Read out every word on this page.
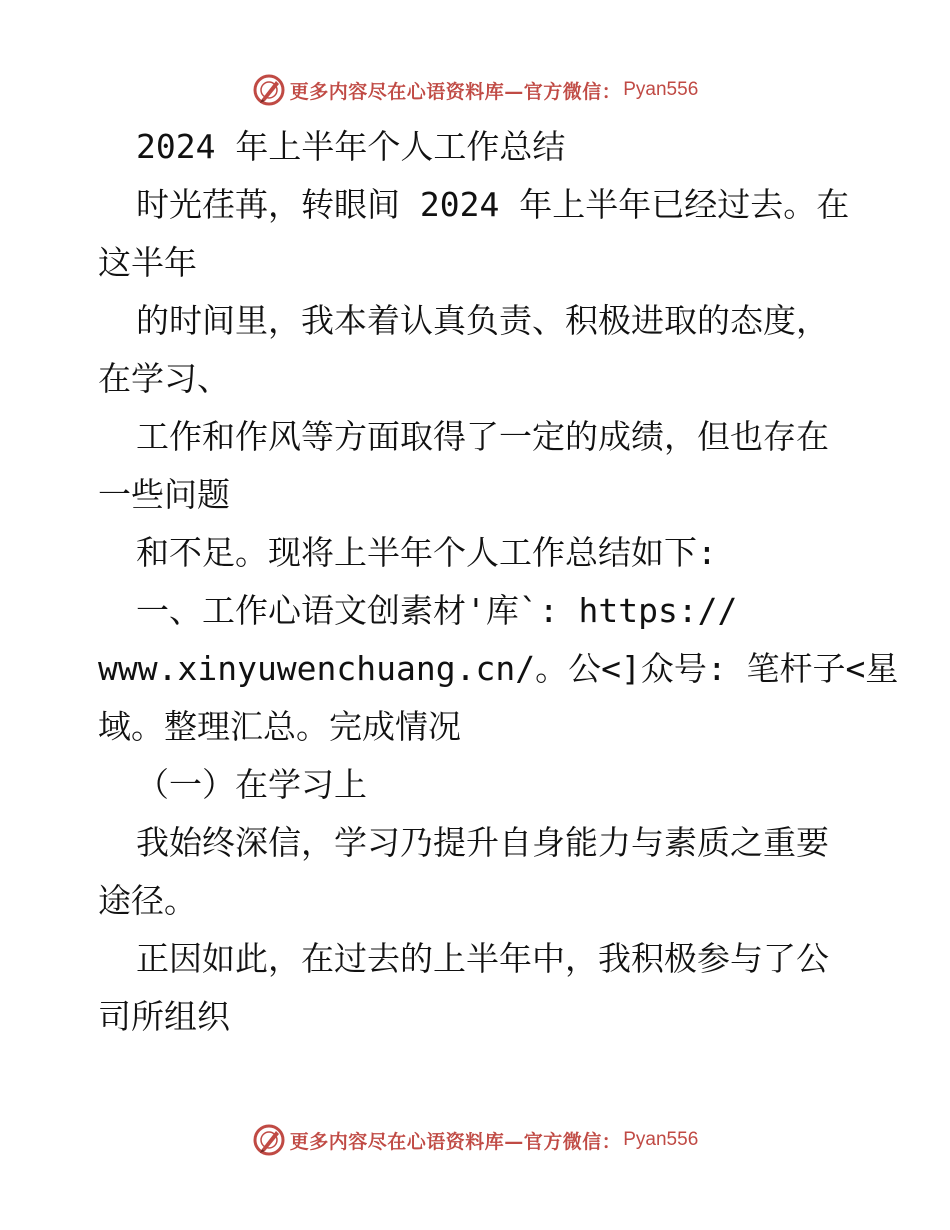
更多内容尽在心语资料库—官方微信： Pyan556
2024 年上半年个人工作总结
时光荏苒，转眼间 2024 年上半年已经过去。在
这半年
的时间里，我本着认真负责、积极进取的态度，
在学习、
工作和作风等方面取得了一定的成绩，但也存在
一些问题
和不足。现将上半年个人工作总结如下:
一、工作心语文创素材'库`: https://
www.xinyuwenchuang.cn/。公<]众号: 笔杆子<星
域。整理汇总。完成情况
（一）在学习上
我始终深信，学习乃提升自身能力与素质之重要
途径。
正因如此，在过去的上半年中，我积极参与了公
司所组织
更多内容尽在心语资料库—官方微信： Pyan556
